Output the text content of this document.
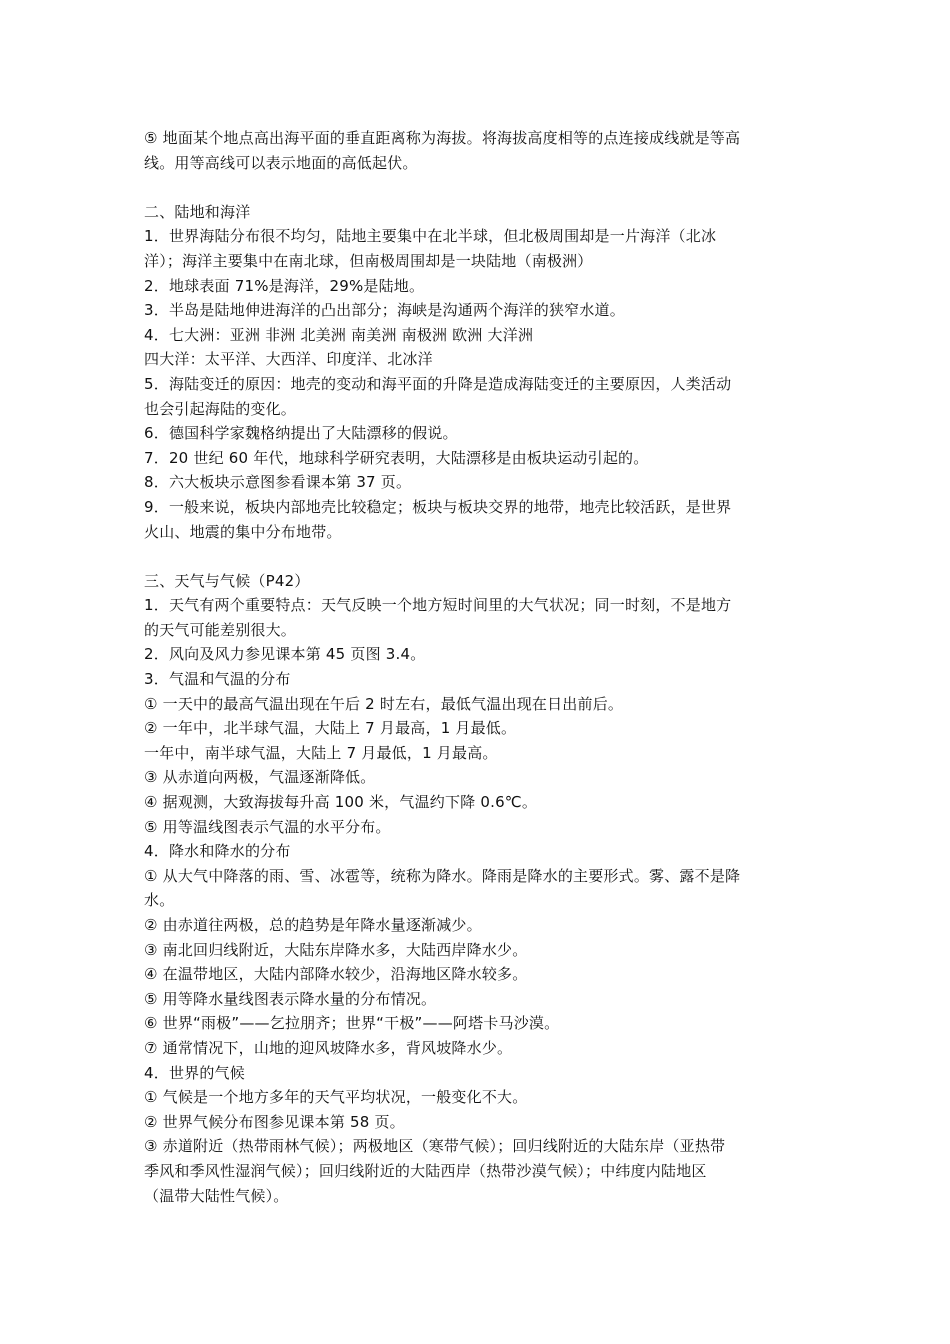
⑤ 地面某个地点高出海平面的垂直距离称为海拔。将海拔高度相等的点连接成线就是等高
线。用等高线可以表示地面的高低起伏。
二、陆地和海洋
1．世界海陆分布很不均匀，陆地主要集中在北半球，但北极周围却是一片海洋（北冰
洋）；海洋主要集中在南北球，但南极周围却是一块陆地（南极洲）
2．地球表面 71%是海洋，29%是陆地。
3．半岛是陆地伸进海洋的凸出部分；海峡是沟通两个海洋的狭窄水道。
4．七大洲：亚洲 非洲 北美洲 南美洲 南极洲 欧洲 大洋洲
四大洋：太平洋、大西洋、印度洋、北冰洋
5．海陆变迁的原因：地壳的变动和海平面的升降是造成海陆变迁的主要原因，人类活动
也会引起海陆的变化。
6．德国科学家魏格纳提出了大陆漂移的假说。
7．20 世纪 60 年代，地球科学研究表明，大陆漂移是由板块运动引起的。
8．六大板块示意图参看课本第 37 页。
9．一般来说，板块内部地壳比较稳定；板块与板块交界的地带，地壳比较活跃，是世界
火山、地震的集中分布地带。
三、天气与气候（P42）
1．天气有两个重要特点：天气反映一个地方短时间里的大气状况；同一时刻，不是地方
的天气可能差别很大。
2．风向及风力参见课本第 45 页图 3.4。
3．气温和气温的分布
① 一天中的最高气温出现在午后 2 时左右，最低气温出现在日出前后。
② 一年中，北半球气温，大陆上 7 月最高，1 月最低。
一年中，南半球气温，大陆上 7 月最低，1 月最高。
③ 从赤道向两极，气温逐渐降低。
④ 据观测，大致海拔每升高 100 米，气温约下降 0.6℃。
⑤ 用等温线图表示气温的水平分布。
4．降水和降水的分布
① 从大气中降落的雨、雪、冰雹等，统称为降水。降雨是降水的主要形式。雾、露不是降
水。
② 由赤道往两极，总的趋势是年降水量逐渐减少。
③ 南北回归线附近，大陆东岸降水多，大陆西岸降水少。
④ 在温带地区，大陆内部降水较少，沿海地区降水较多。
⑤ 用等降水量线图表示降水量的分布情况。
⑥ 世界“雨极”——乞拉朋齐；世界“干极”——阿塔卡马沙漠。
⑦ 通常情况下，山地的迎风坡降水多，背风坡降水少。
4．世界的气候
① 气候是一个地方多年的天气平均状况，一般变化不大。
② 世界气候分布图参见课本第 58 页。
③ 赤道附近（热带雨林气候）；两极地区（寒带气候）；回归线附近的大陆东岸（亚热带
季风和季风性湿润气候）；回归线附近的大陆西岸（热带沙漠气候）；中纬度内陆地区
（温带大陆性气候）。
